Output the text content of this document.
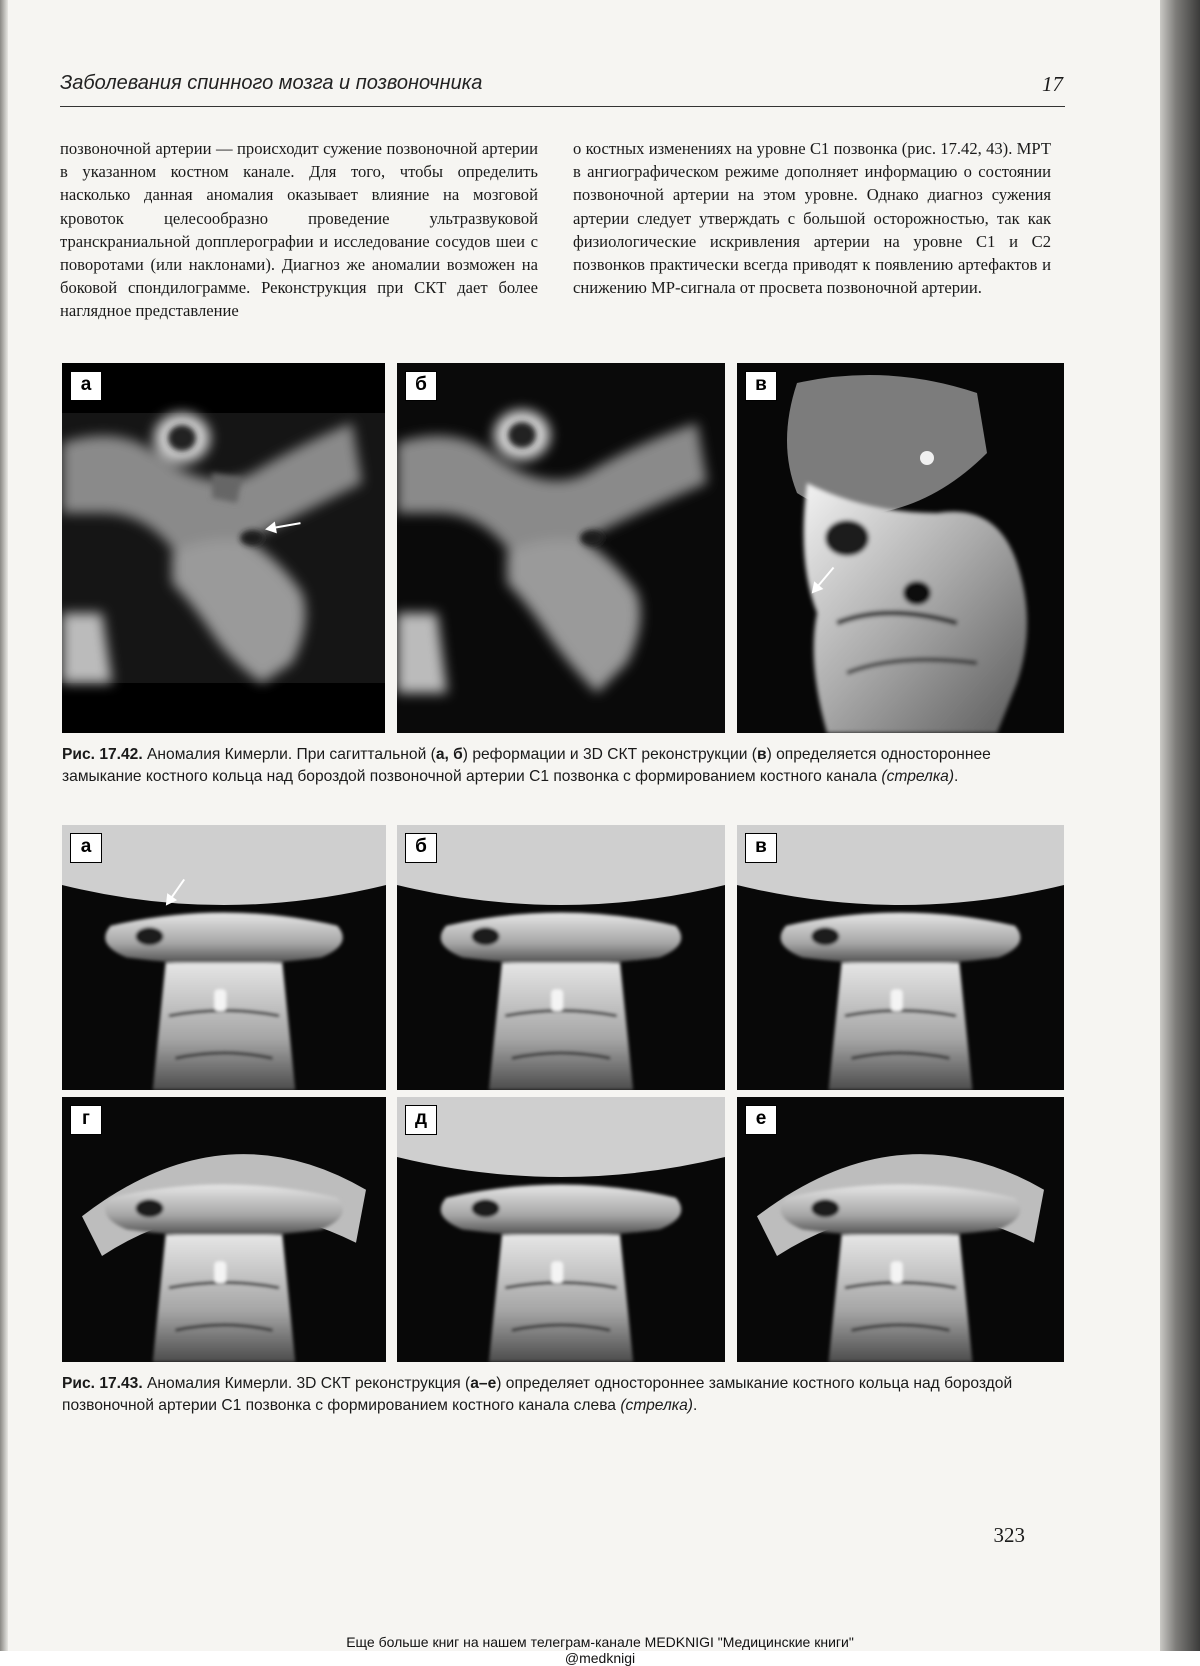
Заболевания спинного мозга и позвоночника	17
позвоночной артерии — происходит сужение позвоночной артерии в указанном костном канале. Для того, чтобы определить насколько данная аномалия оказывает влияние на мозговой кровоток целесообразно проведение ультразвуковой транскраниальной допплерографии и исследование сосудов шеи с поворотами (или наклонами). Диагноз же аномалии возможен на боковой спондилограмме. Реконструкция при СКТ дает более наглядное представление
о костных изменениях на уровне С1 позвонка (рис. 17.42, 43). МРТ в ангиографическом режиме дополняет информацию о состоянии позвоночной артерии на этом уровне. Однако диагноз сужения артерии следует утверждать с большой осторожностью, так как физиологические искривления артерии на уровне С1 и С2 позвонков практически всегда приводят к появлению артефактов и снижению МР-сигнала от просвета позвоночной артерии.
а	б	в
Рис. 17.42. Аномалия Кимерли. При сагиттальной (а, б) реформации и 3D СКТ реконструкции (в) определяется одностороннее замыкание костного кольца над бороздой позвоночной артерии С1 позвонка с формированием костного канала (стрелка).
а	б	в
г	д	е
Рис. 17.43. Аномалия Кимерли. 3D СКТ реконструкция (а–е) определяет одностороннее замыкание костного кольца над бороздой позвоночной артерии С1 позвонка с формированием костного канала слева (стрелка).
323
Еще больше книг на нашем телеграм-канале MEDKNIGI "Медицинские книги"
@medknigi
